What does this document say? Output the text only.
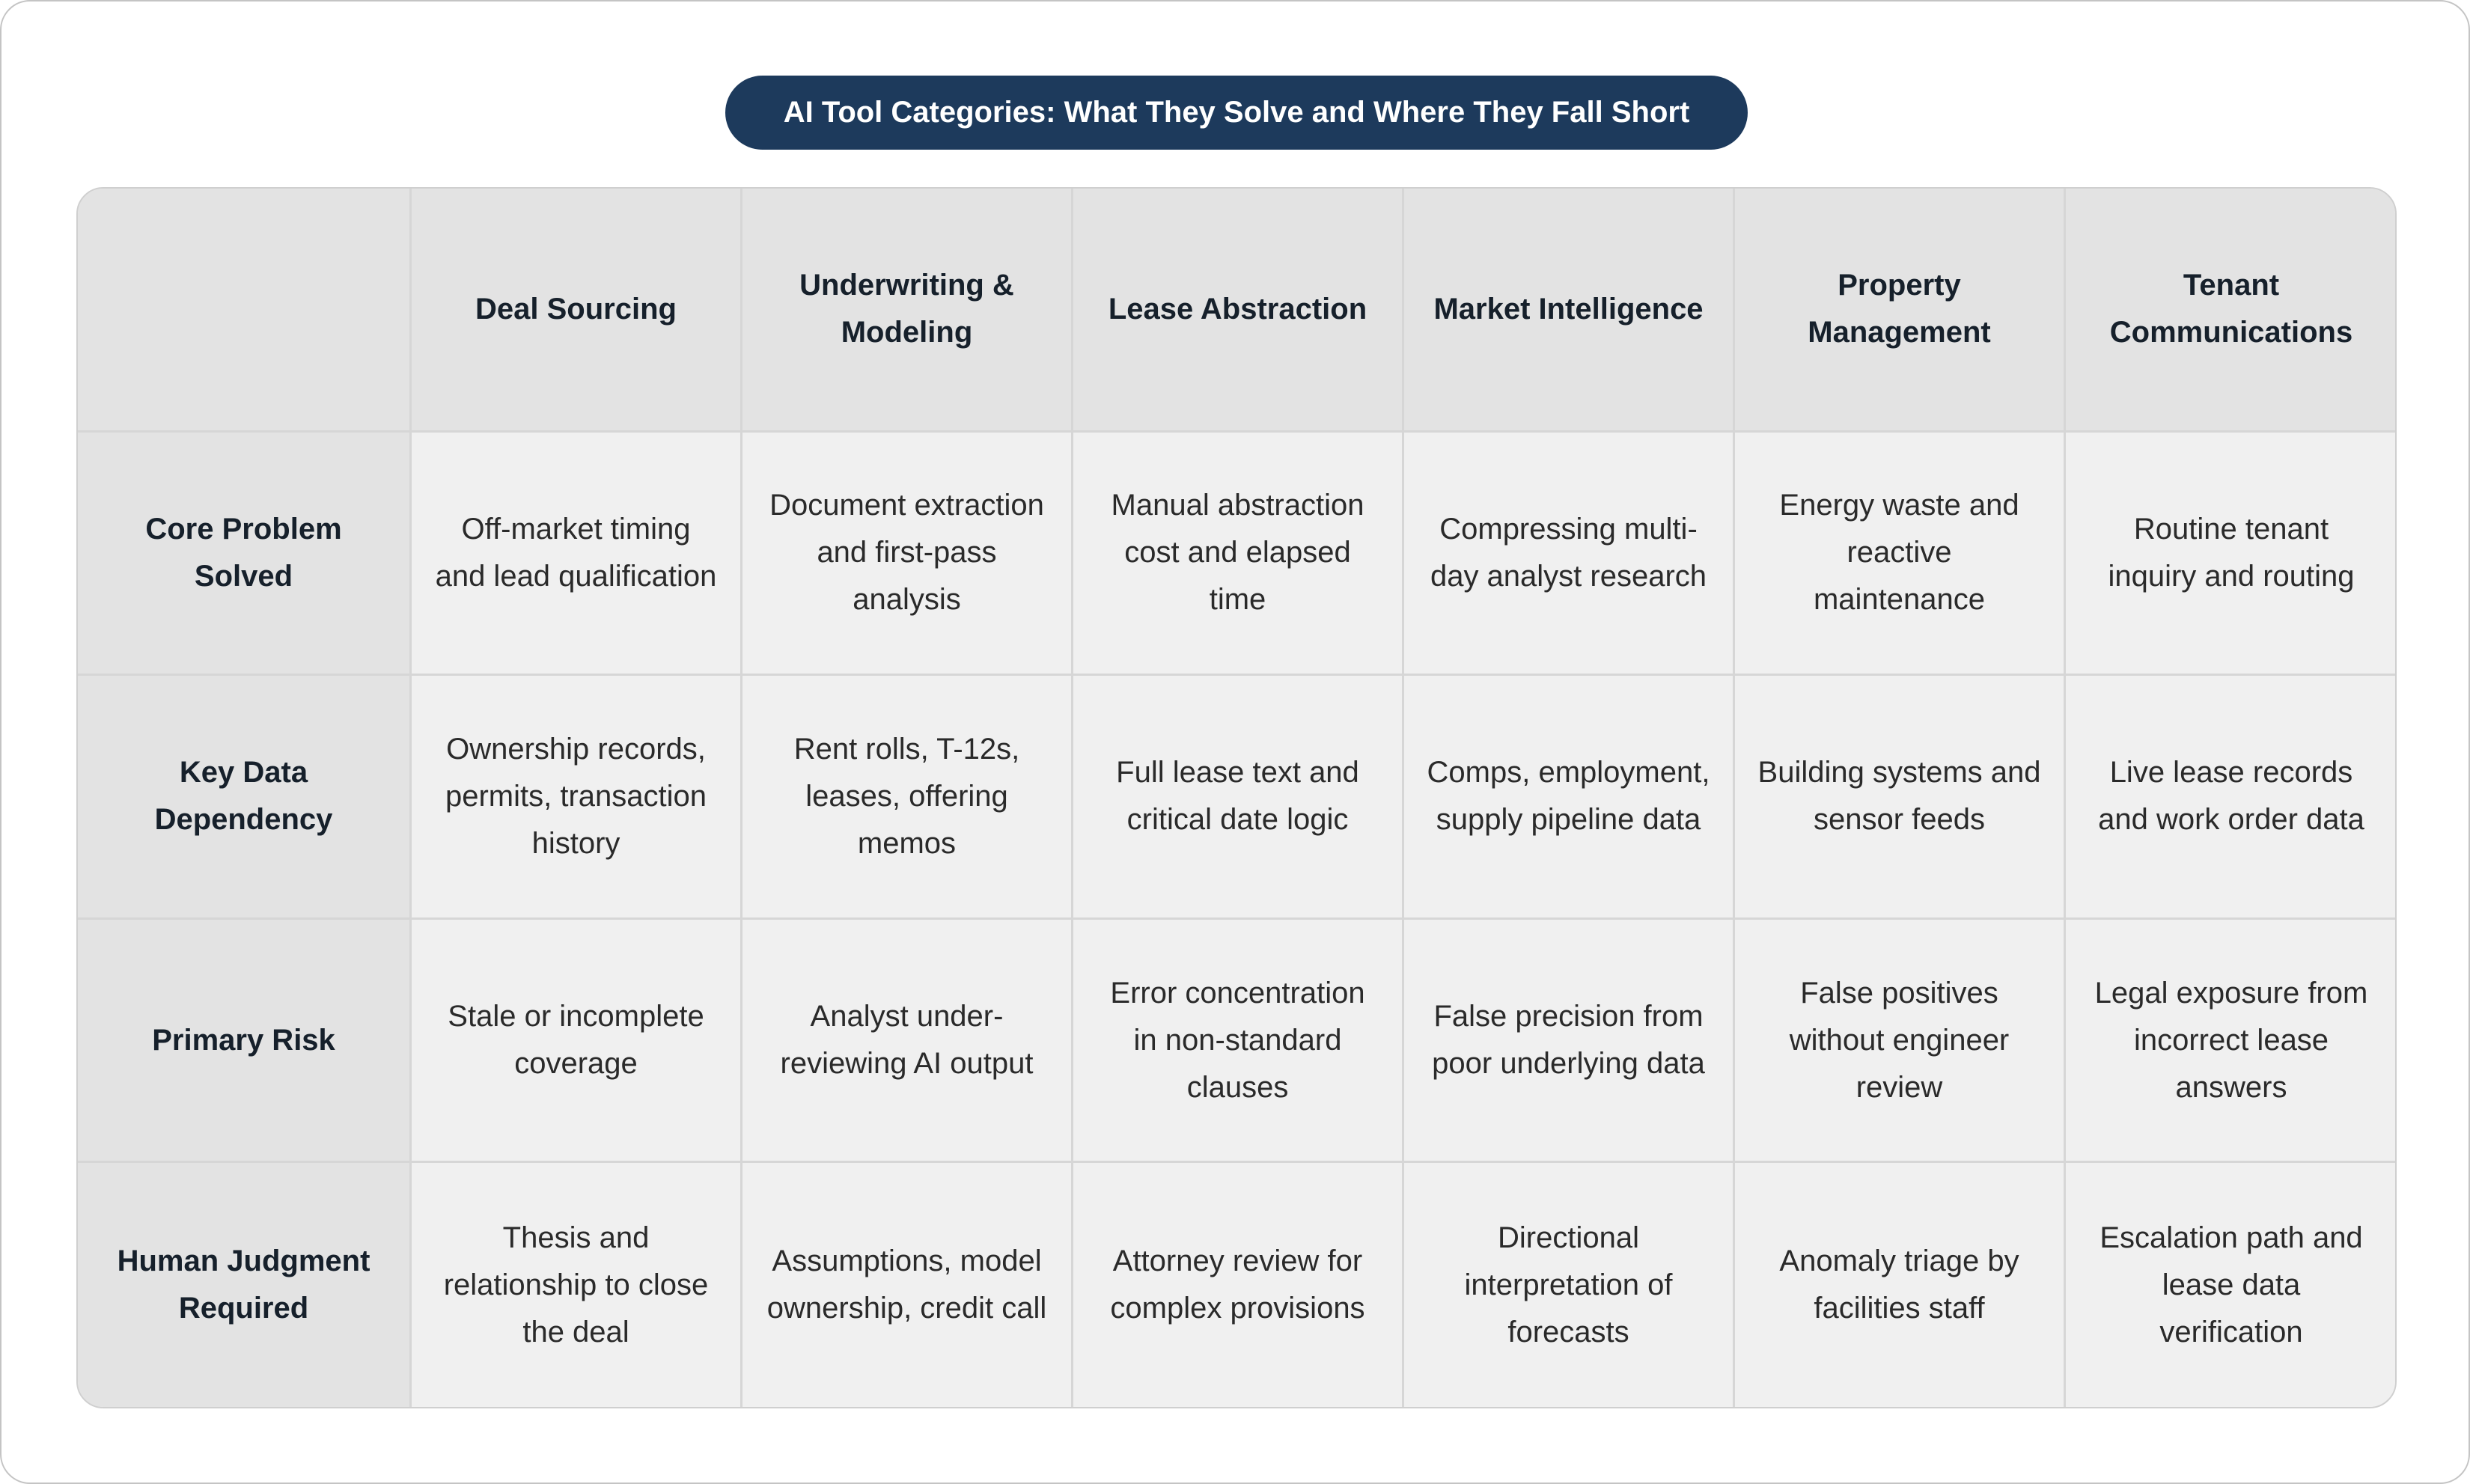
AI Tool Categories: What They Solve and Where They Fall Short
Deal Sourcing
Underwriting & Modeling
Lease Abstraction	Market Intelligence
Property Management
Tenant Communications
Core Problem Solved
Off-market timing and lead qualification
Document extraction and first-pass analysis
Manual abstraction cost and elapsed time
Compressing multi-day analyst research
Energy waste and reactive maintenance
Routine tenant inquiry and routing
Key Data Dependency
Ownership records, permits, transaction history
Rent rolls, T-12s, leases, offering memos
Full lease text and critical date logic
Comps, employment, supply pipeline data
Building systems and sensor feeds
Live lease records and work order data
Primary Risk
Stale or incomplete coverage
Analyst under-reviewing AI output
Error concentration in non-standard clauses
False precision from poor underlying data
False positives without engineer review
Legal exposure from incorrect lease answers
Human Judgment Required
Thesis and relationship to close the deal
Assumptions, model ownership, credit call
Attorney review for complex provisions
Directional interpretation of forecasts
Anomaly triage by facilities staff
Escalation path and lease data verification
